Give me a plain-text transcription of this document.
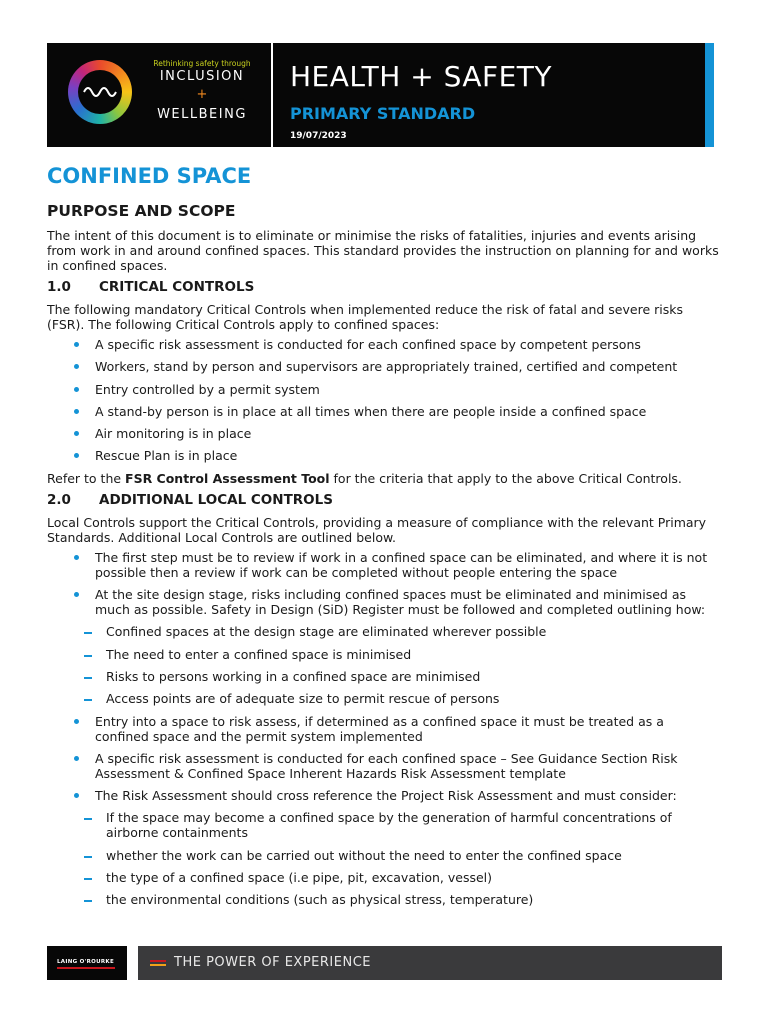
Rethinking safety through
INCLUSION
+
WELLBEING
HEALTH + SAFETY
PRIMARY STANDARD
19/07/2023
CONFINED SPACE
PURPOSE AND SCOPE

The intent of this document is to eliminate or minimise the risks of fatalities, injuries and events arising from work in and around confined spaces. This standard provides the instruction on planning for and works in confined spaces.

1.0 CRITICAL CONTROLS

The following mandatory Critical Controls when implemented reduce the risk of fatal and severe risks (FSR). The following Critical Controls apply to confined spaces:

A specific risk assessment is conducted for each confined space by competent persons
Workers, stand by person and supervisors are appropriately trained, certified and competent
Entry controlled by a permit system
A stand-by person is in place at all times when there are people inside a confined space
Air monitoring is in place
Rescue Plan is in place

Refer to the FSR Control Assessment Tool for the criteria that apply to the above Critical Controls.

2.0 ADDITIONAL LOCAL CONTROLS

Local Controls support the Critical Controls, providing a measure of compliance with the relevant Primary Standards. Additional Local Controls are outlined below.

The first step must be to review if work in a confined space can be eliminated, and where it is not possible then a review if work can be completed without people entering the space
At the site design stage, risks including confined spaces must be eliminated and minimised as much as possible. Safety in Design (SiD) Register must be followed and completed outlining how:
Confined spaces at the design stage are eliminated wherever possible
The need to enter a confined space is minimised
Risks to persons working in a confined space are minimised
Access points are of adequate size to permit rescue of persons
Entry into a space to risk assess, if determined as a confined space it must be treated as a confined space and the permit system implemented
A specific risk assessment is conducted for each confined space – See Guidance Section Risk Assessment & Confined Space Inherent Hazards Risk Assessment template
The Risk Assessment should cross reference the Project Risk Assessment and must consider:
If the space may become a confined space by the generation of harmful concentrations of airborne containments
whether the work can be carried out without the need to enter the confined space
the type of a confined space (i.e pipe, pit, excavation, vessel)
the environmental conditions (such as physical stress, temperature)
LAING O'ROURKE	THE POWER OF EXPERIENCE
